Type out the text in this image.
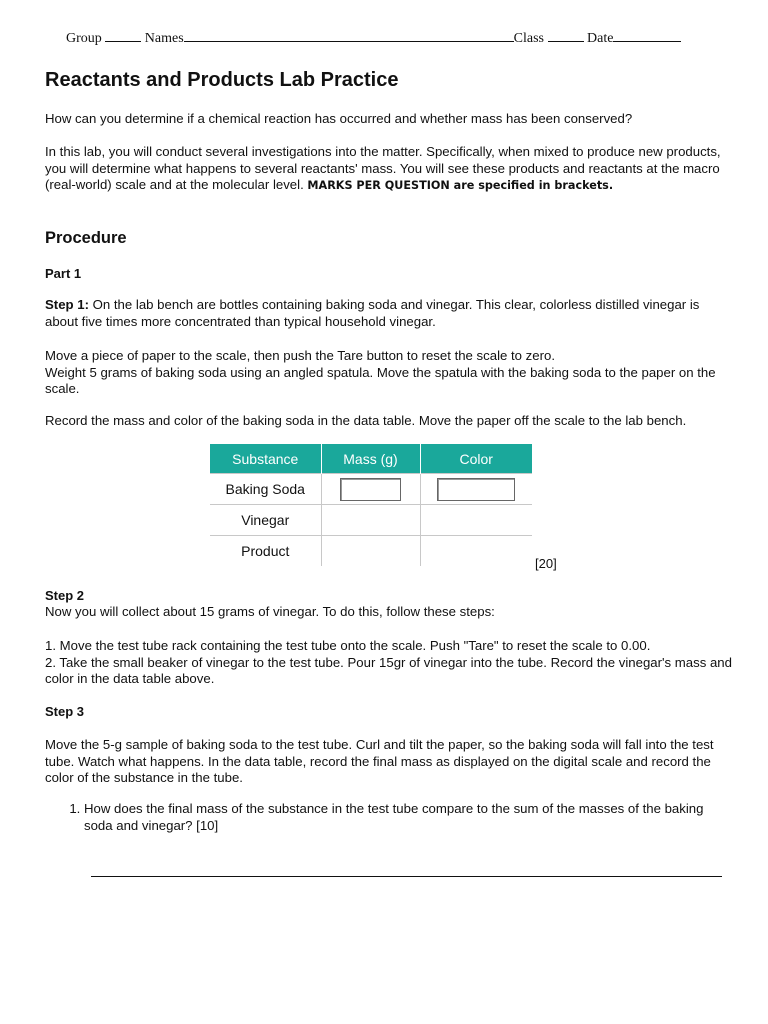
Group	Names	Class	Date
Reactants and Products Lab Practice

How can you determine if a chemical reaction has occurred and whether mass has been conserved?

In this lab, you will conduct several investigations into the matter. Specifically, when mixed to produce new products, you will determine what happens to several reactants' mass. You will see these products and reactants at the macro (real-world) scale and at the molecular level. MARKS PER QUESTION are specified in brackets.

Procedure
Part 1

Step 1: On the lab bench are bottles containing baking soda and vinegar. This clear, colorless distilled vinegar is about five times more concentrated than typical household vinegar.

Move a piece of paper to the scale, then push the Tare button to reset the scale to zero.
Weight 5 grams of baking soda using an angled spatula. Move the spatula with the baking soda to the paper on the scale.

Record the mass and color of the baking soda in the data table. Move the paper off the scale to the lab bench.

Substance	Mass (g)	Color
Baking Soda		
Vinegar		
Product		
[20]
Step 2

Now you will collect about 15 grams of vinegar. To do this, follow these steps:

1. Move the test tube rack containing the test tube onto the scale. Push "Tare" to reset the scale to 0.00.
2. Take the small beaker of vinegar to the test tube. Pour 15gr of vinegar into the tube. Record the vinegar's mass and color in the data table above.

Step 3

Move the 5-g sample of baking soda to the test tube. Curl and tilt the paper, so the baking soda will fall into the test tube. Watch what happens. In the data table, record the final mass as displayed on the digital scale and record the color of the substance in the tube.

1. How does the final mass of the substance in the test tube compare to the sum of the masses of the baking soda and vinegar? [10]
